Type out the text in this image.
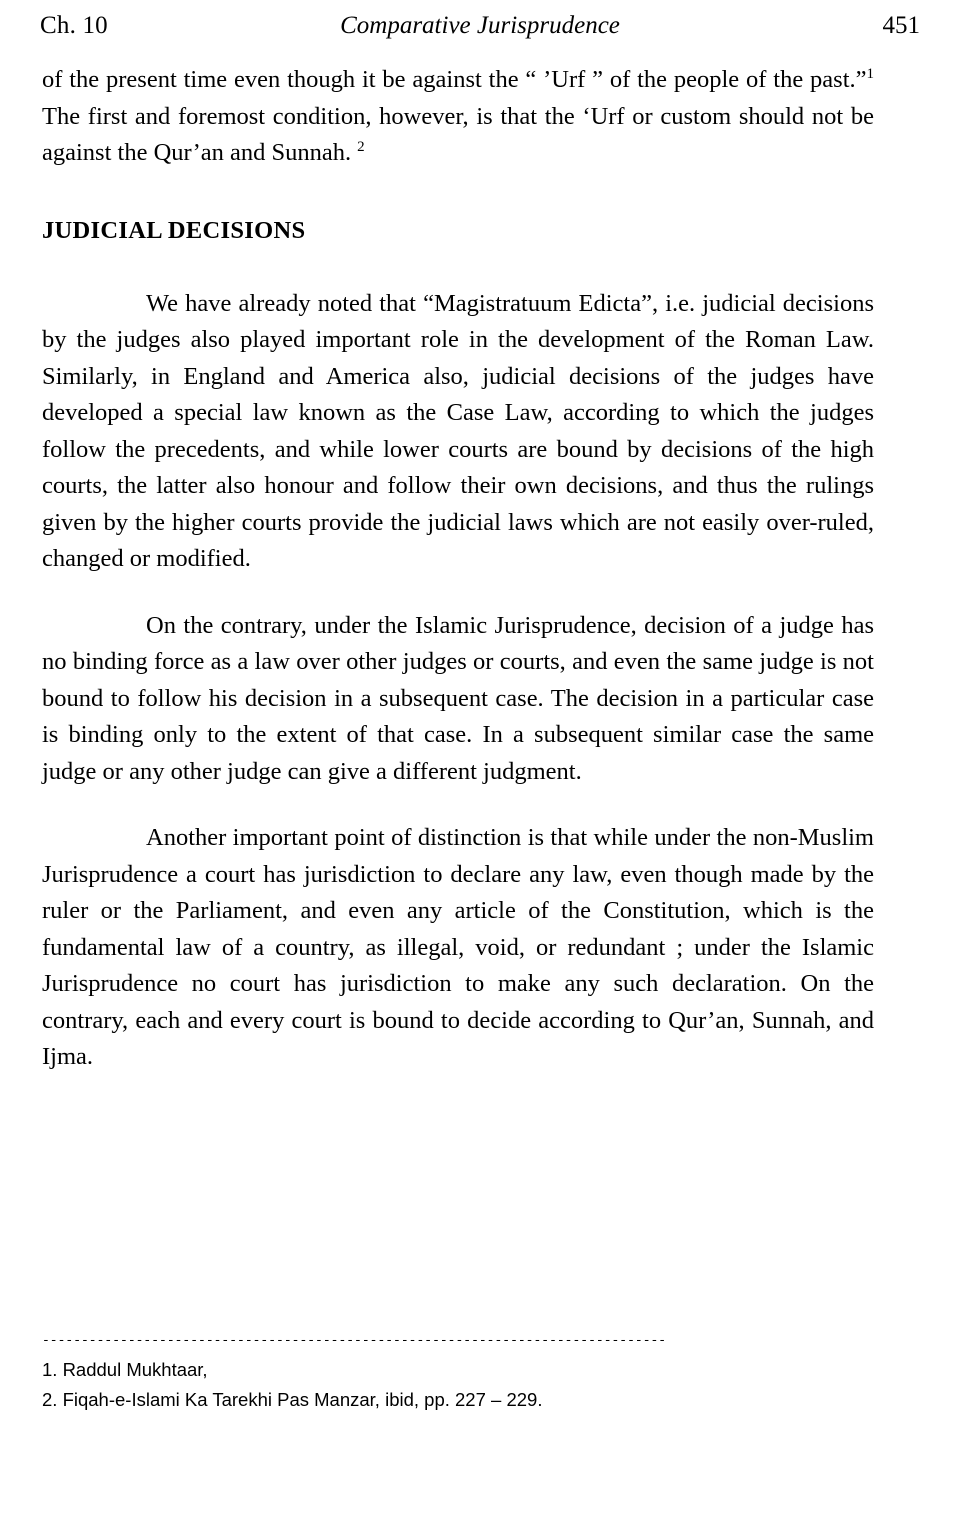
Ch. 10	Comparative Jurisprudence	451

of the present time even though it be against the “ ’Urf ” of the people of the past.”$^1$ The first and foremost condition, however, is that the ‘Urf or custom should not be against the Qur’an and Sunnah. $^2$

JUDICIAL DECISIONS

We have already noted that “Magistratuum Edicta”, i.e. judicial decisions by the judges also played important role in the development of the Roman Law. Similarly, in England and America also, judicial decisions of the judges have developed a special law known as the Case Law, according to which the judges follow the precedents, and while lower courts are bound by decisions of the high courts, the latter also honour and follow their own decisions, and thus the rulings given by the higher courts provide the judicial laws which are not easily over-ruled, changed or modified.

On the contrary, under the Islamic Jurisprudence, decision of a judge has no binding force as a law over other judges or courts, and even the same judge is not bound to follow his decision in a subsequent case. The decision in a particular case is binding only to the extent of that case. In a subsequent similar case the same judge or any other judge can give a different judgment.

Another important point of distinction is that while under the non-Muslim Jurisprudence a court has jurisdiction to declare any law, even though made by the ruler or the Parliament, and even any article of the Constitution, which is the fundamental law of a country, as illegal, void, or redundant ; under the Islamic Jurisprudence no court has jurisdiction to make any such declaration. On the contrary, each and every court is bound to decide according to Qur’an, Sunnah, and Ijma.

--------------------------------------------------------------------------------
1. Raddul Mukhtaar,
2. Fiqah-e-Islami Ka Tarekhi Pas Manzar, ibid, pp. 227 – 229.
